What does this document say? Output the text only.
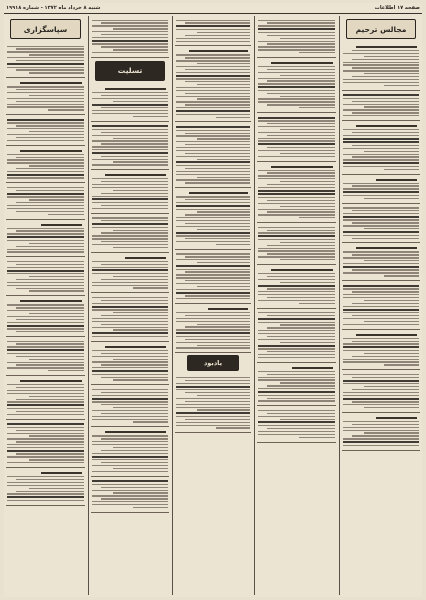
صفحه ۱۷ اطلاعات
شنبه ۸ خرداد ماه ۱۳۷۲ - شماره ۱۹۹۱۸
مجالس ترحیم
یادبود
تسلیت
سپاسگزاری
